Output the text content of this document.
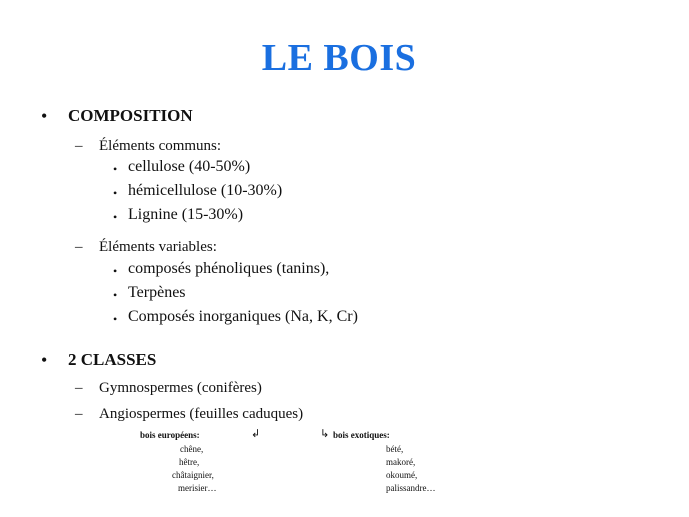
LE BOIS
• COMPOSITION
– Éléments communs:
• cellulose (40-50%)
• hémicellulose (10-30%)
• Lignine (15-30%)
– Éléments variables:
• composés phénoliques (tanins),
• Terpènes
• Composés inorganiques (Na, K, Cr)
• 2 CLASSES
– Gymnospermes (conifères)
– Angiospermes (feuilles caduques)
bois européens:	↲	↳ bois exotiques:
chêne,
hêtre,
châtaignier,
merisier…
bété,
makoré,
okoumé,
palissandre…
